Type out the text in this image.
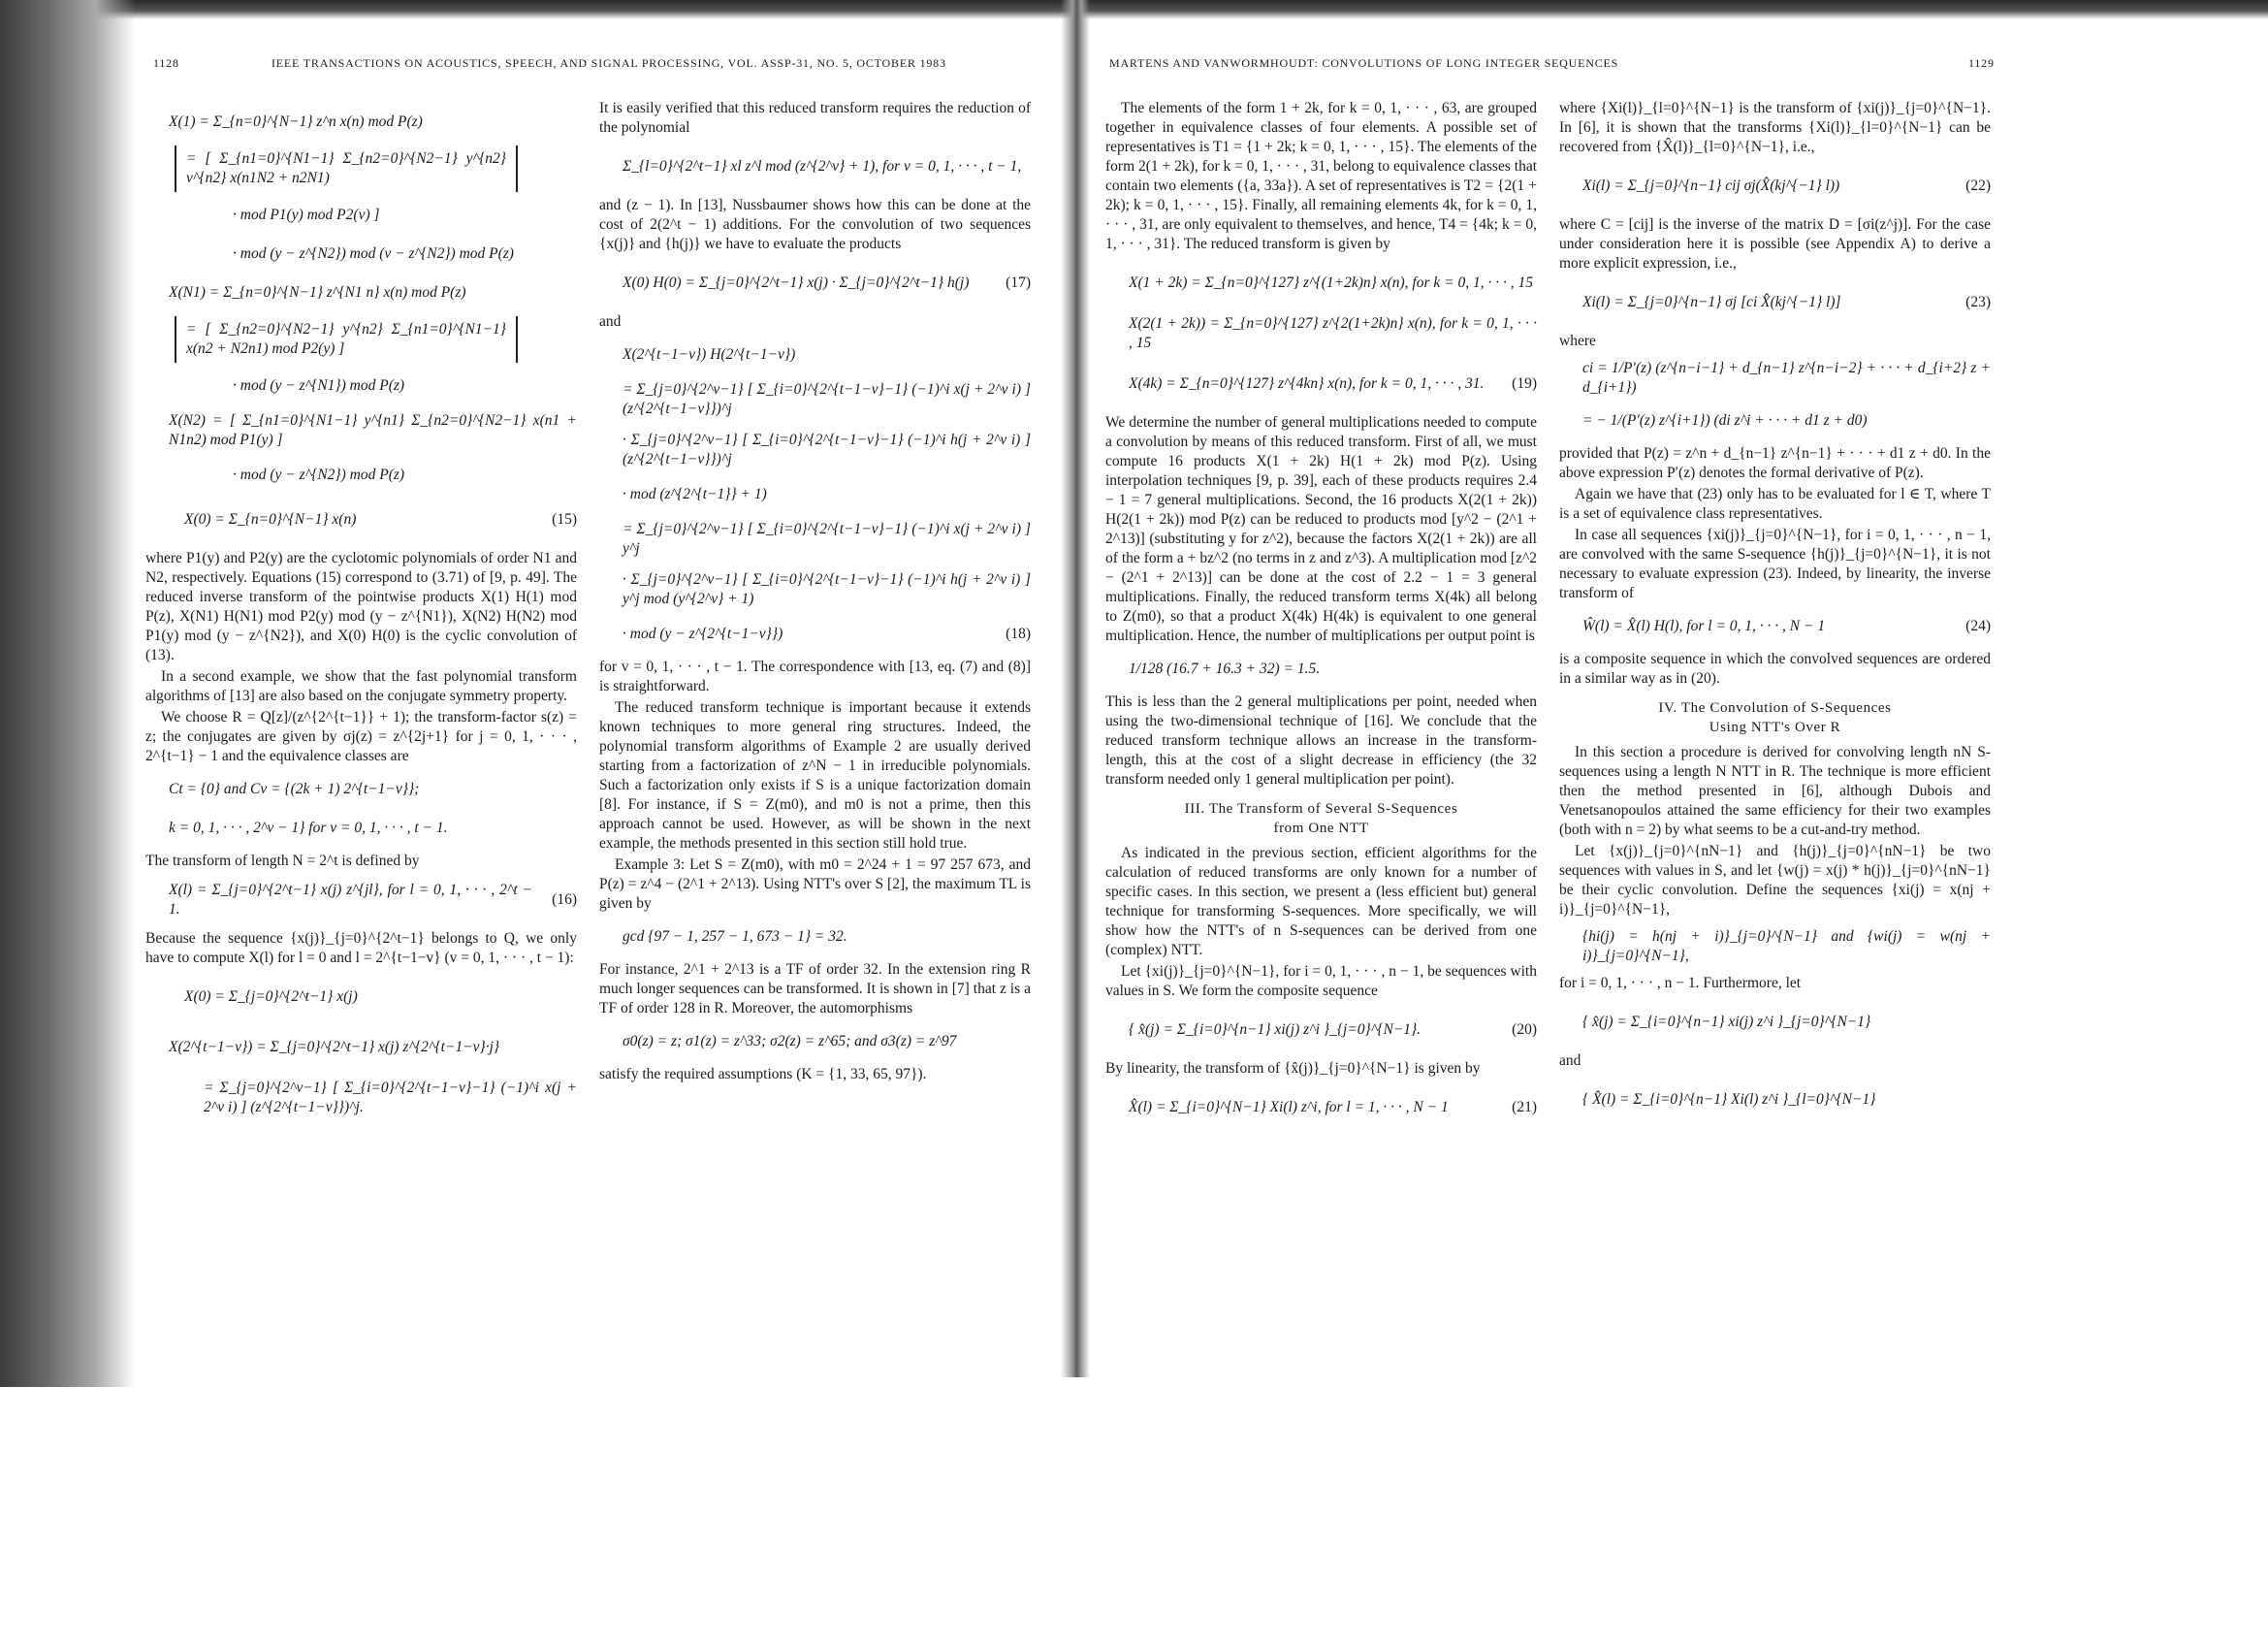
1128	IEEE TRANSACTIONS ON ACOUSTICS, SPEECH, AND SIGNAL PROCESSING, VOL. ASSP-31, NO. 5, OCTOBER 1983
X(1) = Σ_{n=0}^{N−1} z^n x(n) mod P(z)
= [ Σ_{n1=0}^{N1−1} Σ_{n2=0}^{N2−1} y^{n2} v^{n2} x(n1N2 + n2N1)
· mod P1(y) mod P2(v) ]
· mod (y − z^{N2}) mod (v − z^{N2}) mod P(z)
X(N1) = Σ_{n=0}^{N−1} z^{N1 n} x(n) mod P(z)
= [ Σ_{n2=0}^{N2−1} y^{n2} Σ_{n1=0}^{N1−1} x(n2 + N2n1) mod P2(y) ]
· mod (y − z^{N1}) mod P(z)
X(N2) = [ Σ_{n1=0}^{N1−1} y^{n1} Σ_{n2=0}^{N2−1} x(n1 + N1n2) mod P1(y) ]
· mod (y − z^{N2}) mod P(z)
X(0) = Σ_{n=0}^{N−1} x(n)	(15)

where P1(y) and P2(y) are the cyclotomic polynomials of order N1 and N2, respectively. Equations (15) correspond to (3.71) of [9, p. 49]. The reduced inverse transform of the pointwise products X(1) H(1) mod P(z), X(N1) H(N1) mod P2(y) mod (y − z^{N1}), X(N2) H(N2) mod P1(y) mod (y − z^{N2}), and X(0) H(0) is the cyclic convolution of (13).

In a second example, we show that the fast polynomial transform algorithms of [13] are also based on the conjugate symmetry property.

We choose R = Q[z]/(z^{2^{t−1}} + 1); the transform-factor s(z) = z; the conjugates are given by σj(z) = z^{2j+1} for j = 0, 1, · · · , 2^{t−1} − 1 and the equivalence classes are

Ct = {0} and Cv = {(2k + 1) 2^{t−1−v}};
k = 0, 1, · · · , 2^v − 1} for v = 0, 1, · · · , t − 1.

The transform of length N = 2^t is defined by

X(l) = Σ_{j=0}^{2^t−1} x(j) z^{jl}, for l = 0, 1, · · · , 2^t − 1.
(16)

Because the sequence {x(j)}_{j=0}^{2^t−1} belongs to Q, we only have to compute X(l) for l = 0 and l = 2^{t−1−v} (v = 0, 1, · · · , t − 1):

X(0) = Σ_{j=0}^{2^t−1} x(j)
X(2^{t−1−v}) = Σ_{j=0}^{2^t−1} x(j) z^{2^{t−1−v}·j}
= Σ_{j=0}^{2^v−1} [ Σ_{i=0}^{2^{t−1−v}−1} (−1)^i x(j + 2^v i) ] (z^{2^{t−1−v}})^j.

It is easily verified that this reduced transform requires the reduction of the polynomial

Σ_{l=0}^{2^t−1} xl z^l mod (z^{2^v} + 1), for v = 0, 1, · · · , t − 1,

and (z − 1). In [13], Nussbaumer shows how this can be done at the cost of 2(2^t − 1) additions. For the convolution of two sequences {x(j)} and {h(j)} we have to evaluate the products

X(0) H(0) = Σ_{j=0}^{2^t−1} x(j) · Σ_{j=0}^{2^t−1} h(j)	(17)

and

X(2^{t−1−v}) H(2^{t−1−v})
= Σ_{j=0}^{2^v−1} [ Σ_{i=0}^{2^{t−1−v}−1} (−1)^i x(j + 2^v i) ] (z^{2^{t−1−v}})^j
· Σ_{j=0}^{2^v−1} [ Σ_{i=0}^{2^{t−1−v}−1} (−1)^i h(j + 2^v i) ] (z^{2^{t−1−v}})^j
· mod (z^{2^{t−1}} + 1)
= Σ_{j=0}^{2^v−1} [ Σ_{i=0}^{2^{t−1−v}−1} (−1)^i x(j + 2^v i) ] y^j
· Σ_{j=0}^{2^v−1} [ Σ_{i=0}^{2^{t−1−v}−1} (−1)^i h(j + 2^v i) ] y^j mod (y^{2^v} + 1)
· mod (y − z^{2^{t−1−v}})	(18)

for v = 0, 1, · · · , t − 1. The correspondence with [13, eq. (7) and (8)] is straightforward.

The reduced transform technique is important because it extends known techniques to more general ring structures. Indeed, the polynomial transform algorithms of Example 2 are usually derived starting from a factorization of z^N − 1 in irreducible polynomials. Such a factorization only exists if S is a unique factorization domain [8]. For instance, if S = Z(m0), and m0 is not a prime, then this approach cannot be used. However, as will be shown in the next example, the methods presented in this section still hold true.

Example 3: Let S = Z(m0), with m0 = 2^24 + 1 = 97 257 673, and P(z) = z^4 − (2^1 + 2^13). Using NTT's over S [2], the maximum TL is given by

gcd {97 − 1, 257 − 1, 673 − 1} = 32.

For instance, 2^1 + 2^13 is a TF of order 32. In the extension ring R much longer sequences can be transformed. It is shown in [7] that z is a TF of order 128 in R. Moreover, the automorphisms

σ0(z) = z; σ1(z) = z^33; σ2(z) = z^65; and σ3(z) = z^97

satisfy the required assumptions (K = {1, 33, 65, 97}).

MARTENS AND VANWORMHOUDT: CONVOLUTIONS OF LONG INTEGER SEQUENCES	1129

The elements of the form 1 + 2k, for k = 0, 1, · · · , 63, are grouped together in equivalence classes of four elements. A possible set of representatives is T1 = {1 + 2k; k = 0, 1, · · · , 15}. The elements of the form 2(1 + 2k), for k = 0, 1, · · · , 31, belong to equivalence classes that contain two elements ({a, 33a}). A set of representatives is T2 = {2(1 + 2k); k = 0, 1, · · · , 15}. Finally, all remaining elements 4k, for k = 0, 1, · · · , 31, are only equivalent to themselves, and hence, T4 = {4k; k = 0, 1, · · · , 31}. The reduced transform is given by

X(1 + 2k) = Σ_{n=0}^{127} z^{(1+2k)n} x(n), for k = 0, 1, · · · , 15
X(2(1 + 2k)) = Σ_{n=0}^{127} z^{2(1+2k)n} x(n), for k = 0, 1, · · · , 15
X(4k) = Σ_{n=0}^{127} z^{4kn} x(n), for k = 0, 1, · · · , 31.	(19)

We determine the number of general multiplications needed to compute a convolution by means of this reduced transform. First of all, we must compute 16 products X(1 + 2k) H(1 + 2k) mod P(z). Using interpolation techniques [9, p. 39], each of these products requires 2.4 − 1 = 7 general multiplications. Second, the 16 products X(2(1 + 2k)) H(2(1 + 2k)) mod P(z) can be reduced to products mod [y^2 − (2^1 + 2^13)] (substituting y for z^2), because the factors X(2(1 + 2k)) are all of the form a + bz^2 (no terms in z and z^3). A multiplication mod [z^2 − (2^1 + 2^13)] can be done at the cost of 2.2 − 1 = 3 general multiplications. Finally, the reduced transform terms X(4k) all belong to Z(m0), so that a product X(4k) H(4k) is equivalent to one general multiplication. Hence, the number of multiplications per output point is

1/128 (16.7 + 16.3 + 32) = 1.5.

This is less than the 2 general multiplications per point, needed when using the two-dimensional technique of [16]. We conclude that the reduced transform technique allows an increase in the transform-length, this at the cost of a slight decrease in efficiency (the 32 transform needed only 1 general multiplication per point).

III. The Transform of Several S-Sequences
from One NTT

As indicated in the previous section, efficient algorithms for the calculation of reduced transforms are only known for a number of specific cases. In this section, we present a (less efficient but) general technique for transforming S-sequences. More specifically, we will show how the NTT's of n S-sequences can be derived from one (complex) NTT.

Let {xi(j)}_{j=0}^{N−1}, for i = 0, 1, · · · , n − 1, be sequences with values in S. We form the composite sequence

{ x̂(j) = Σ_{i=0}^{n−1} xi(j) z^i }_{j=0}^{N−1}.	(20)

By linearity, the transform of {x̂(j)}_{j=0}^{N−1} is given by

X̂(l) = Σ_{i=0}^{N−1} Xi(l) z^i, for l = 1, · · · , N − 1	(21)

where {Xi(l)}_{l=0}^{N−1} is the transform of {xi(j)}_{j=0}^{N−1}. In [6], it is shown that the transforms {Xi(l)}_{l=0}^{N−1} can be recovered from {X̂(l)}_{l=0}^{N−1}, i.e.,

Xi(l) = Σ_{j=0}^{n−1} cij σj(X̂(kj^{−1} l))	(22)

where C = [cij] is the inverse of the matrix D = [σi(z^j)]. For the case under consideration here it is possible (see Appendix A) to derive a more explicit expression, i.e.,

Xi(l) = Σ_{j=0}^{n−1} σj [ci X̂(kj^{−1} l)]	(23)

where

ci = 1/P′(z) (z^{n−i−1} + d_{n−1} z^{n−i−2} + · · · + d_{i+2} z + d_{i+1})
= − 1/(P′(z) z^{i+1}) (di z^i + · · · + d1 z + d0)

provided that P(z) = z^n + d_{n−1} z^{n−1} + · · · + d1 z + d0. In the above expression P′(z) denotes the formal derivative of P(z).

Again we have that (23) only has to be evaluated for l ∈ T, where T is a set of equivalence class representatives.

In case all sequences {xi(j)}_{j=0}^{N−1}, for i = 0, 1, · · · , n − 1, are convolved with the same S-sequence {h(j)}_{j=0}^{N−1}, it is not necessary to evaluate expression (23). Indeed, by linearity, the inverse transform of

Ŵ(l) = X̂(l) H(l), for l = 0, 1, · · · , N − 1	(24)

is a composite sequence in which the convolved sequences are ordered in a similar way as in (20).

IV. The Convolution of S-Sequences
Using NTT's Over R

In this section a procedure is derived for convolving length nN S-sequences using a length N NTT in R. The technique is more efficient then the method presented in [6], although Dubois and Venetsanopoulos attained the same efficiency for their two examples (both with n = 2) by what seems to be a cut-and-try method.

Let {x(j)}_{j=0}^{nN−1} and {h(j)}_{j=0}^{nN−1} be two sequences with values in S, and let {w(j) = x(j) * h(j)}_{j=0}^{nN−1} be their cyclic convolution. Define the sequences {xi(j) = x(nj + i)}_{j=0}^{N−1},

{hi(j) = h(nj + i)}_{j=0}^{N−1} and {wi(j) = w(nj + i)}_{j=0}^{N−1},

for i = 0, 1, · · · , n − 1. Furthermore, let

{ x̂(j) = Σ_{i=0}^{n−1} xi(j) z^i }_{j=0}^{N−1}

and

{ X̂(l) = Σ_{i=0}^{n−1} Xi(l) z^i }_{l=0}^{N−1}
